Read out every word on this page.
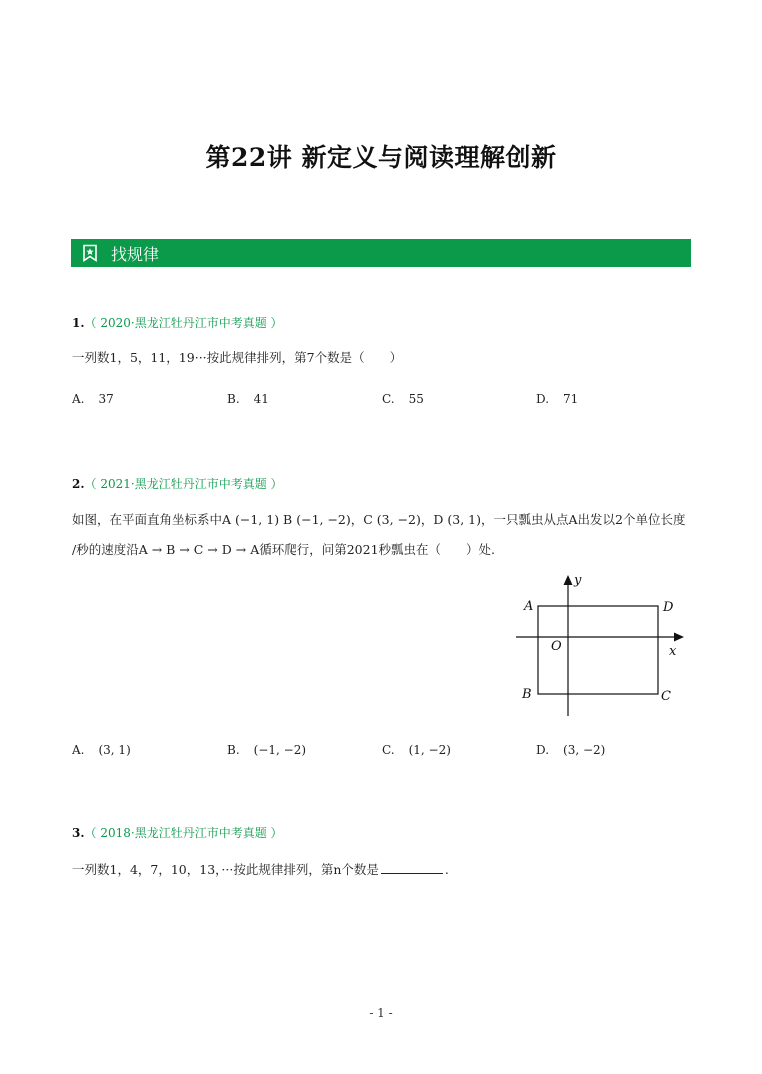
第22讲 新定义与阅读理解创新
找规律
1.（ 2020·黑龙江牡丹江市中考真题 ）
一列数1，5，11，19···按此规律排列，第7个数是（　　）
A. 37	B. 41	C. 55	D. 71
2.（ 2021·黑龙江牡丹江市中考真题 ）
如图，在平面直角坐标系中A (−1, 1) B (−1, −2)，C (3, −2)，D (3, 1)，一只瓢虫从点A出发以2个单位长度
/秒的速度沿A → B → C → D → A循环爬行，问第2021秒瓢虫在（　　）处.
A	D
O	x
y
B	C
A. (3, 1)	B. (−1, −2)	C. (1, −2)	D. (3, −2)
3.（ 2018·黑龙江牡丹江市中考真题 ）
一列数1，4，7，10，13，···按此规律排列，第n个数是	.
- 1 -
